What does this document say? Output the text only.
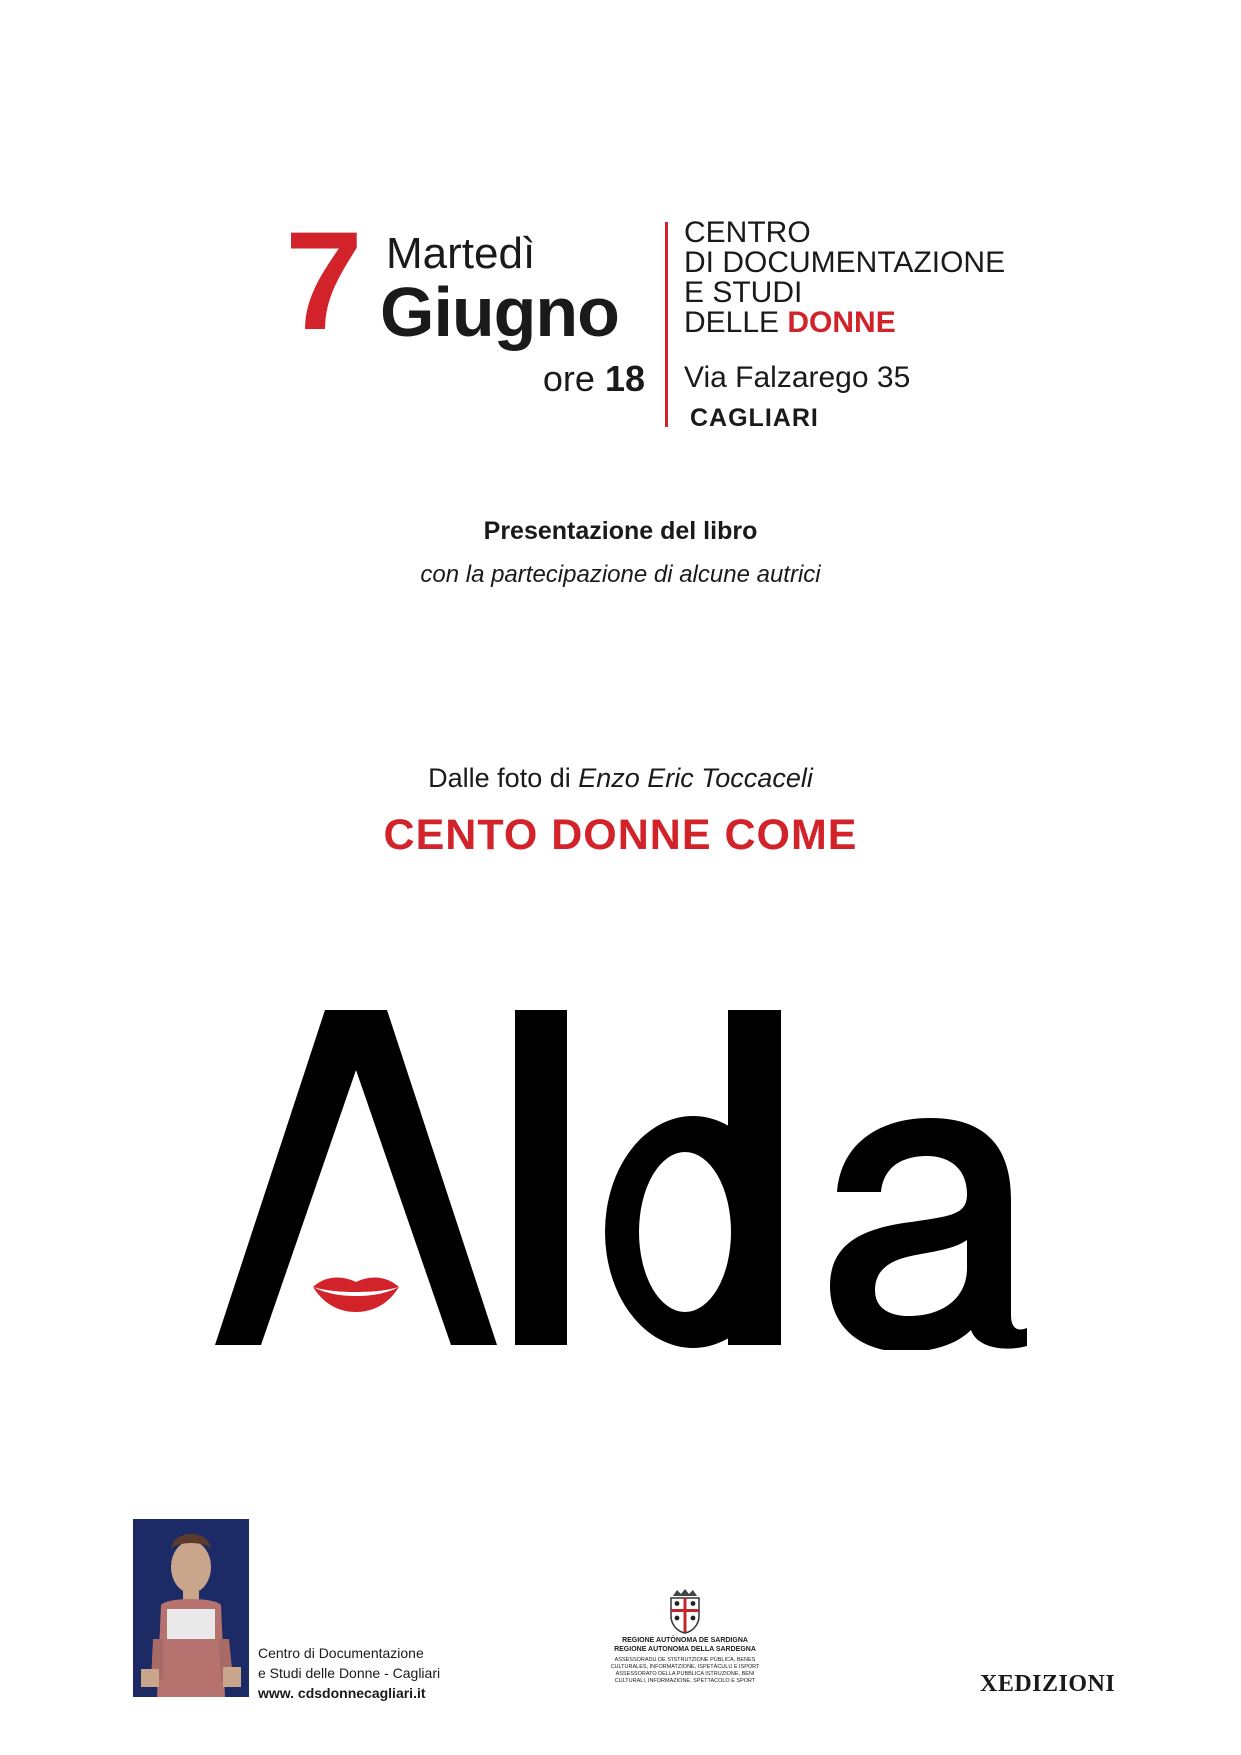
7 Martedì
Giugno
ore 18
CENTRO
DI DOCUMENTAZIONE
E STUDI
DELLE DONNE
Via Falzarego 35
CAGLIARI
Presentazione del libro
con la partecipazione di alcune autrici
Dalle foto di Enzo Eric Toccaceli
CENTO DONNE COME
Centro di Documentazione
e Studi delle Donne - Cagliari
www. cdsdonnecagliari.it
REGIONE AUTÒNOMA DE SARDIGNA
REGIONE AUTONOMA DELLA SARDEGNA
ASSESSORADU DE S'ISTRUTZIONE PÙBLICA, BENES
CULTURALES, INFORMATZIONE, ISPETÀCULU E ISPORT
ASSESSORATO DELLA PUBBLICA ISTRUZIONE, BENI
CULTURALI, INFORMAZIONE, SPETTACOLO E SPORT	XEDIZIONI
